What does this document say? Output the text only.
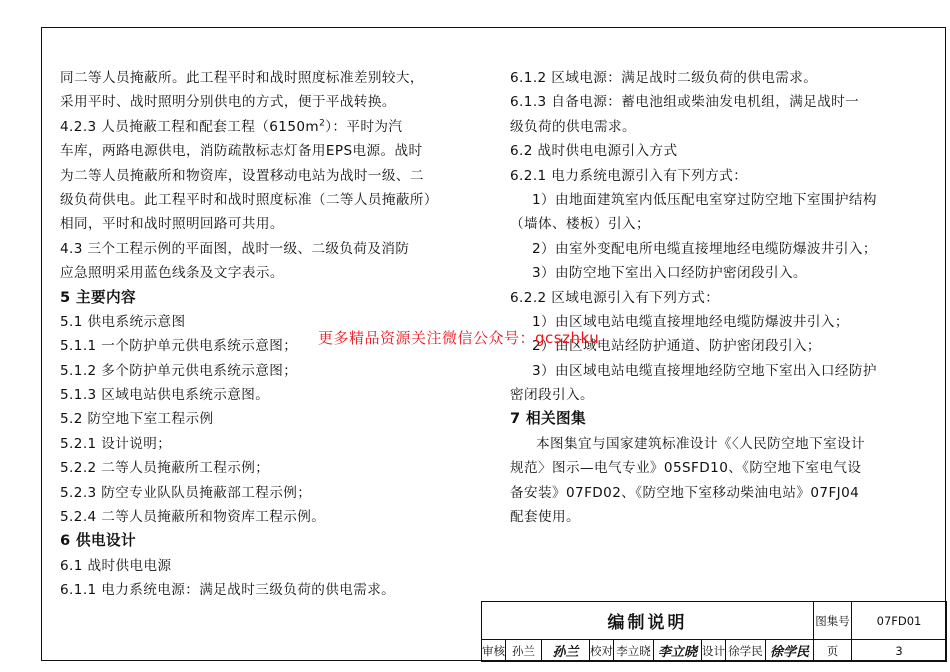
同二等人员掩蔽所。此工程平时和战时照度标准差别较大，
采用平时、战时照明分别供电的方式，便于平战转换。
4.2.3 人员掩蔽工程和配套工程$(6150m^2)$：平时为汽
车库，两路电源供电，消防疏散标志灯备用EPS电源。战时
为二等人员掩蔽所和物资库，设置移动电站为战时一级、二
级负荷供电。此工程平时和战时照度标准（二等人员掩蔽所）
相同，平时和战时照明回路可共用。
4.3 三个工程示例的平面图，战时一级、二级负荷及消防
应急照明采用蓝色线条及文字表示。
5 主要内容
5.1 供电系统示意图
5.1.1 一个防护单元供电系统示意图；
5.1.2 多个防护单元供电系统示意图；
5.1.3 区域电站供电系统示意图。
5.2 防空地下室工程示例
5.2.1 设计说明；
5.2.2 二等人员掩蔽所工程示例；
5.2.3 防空专业队队员掩蔽部工程示例；
5.2.4 二等人员掩蔽所和物资库工程示例。
6 供电设计
6.1 战时供电电源
6.1.1 电力系统电源：满足战时三级负荷的供电需求。
6.1.2 区域电源：满足战时二级负荷的供电需求。
6.1.3 自备电源：蓄电池组或柴油发电机组，满足战时一
级负荷的供电需求。
6.2 战时供电电源引入方式
6.2.1 电力系统电源引入有下列方式：
1）由地面建筑室内低压配电室穿过防空地下室围护结构
（墙体、楼板）引入；
2）由室外变配电所电缆直接埋地经电缆防爆波井引入；
3）由防空地下室出入口经防护密闭段引入。
6.2.2 区域电源引入有下列方式：
1）由区域电站电缆直接埋地经电缆防爆波井引入；
2）由区域电站经防护通道、防护密闭段引入；
3）由区域电站电缆直接埋地经防空地下室出入口经防护
密闭段引入。
7 相关图集
本图集宜与国家建筑标准设计《〈人民防空地下室设计
规范〉图示—电气专业》05SFD10、《防空地下室电气设
备安装》07FD02、《防空地下室移动柴油电站》07FJ04
配套使用。
更多精品资源关注微信公众号：gcszhku
编制说明									图集号	07FD01
审核	孙兰	孙兰	校对	李立晓	李立晓	设计	徐学民	徐学民	页	3
